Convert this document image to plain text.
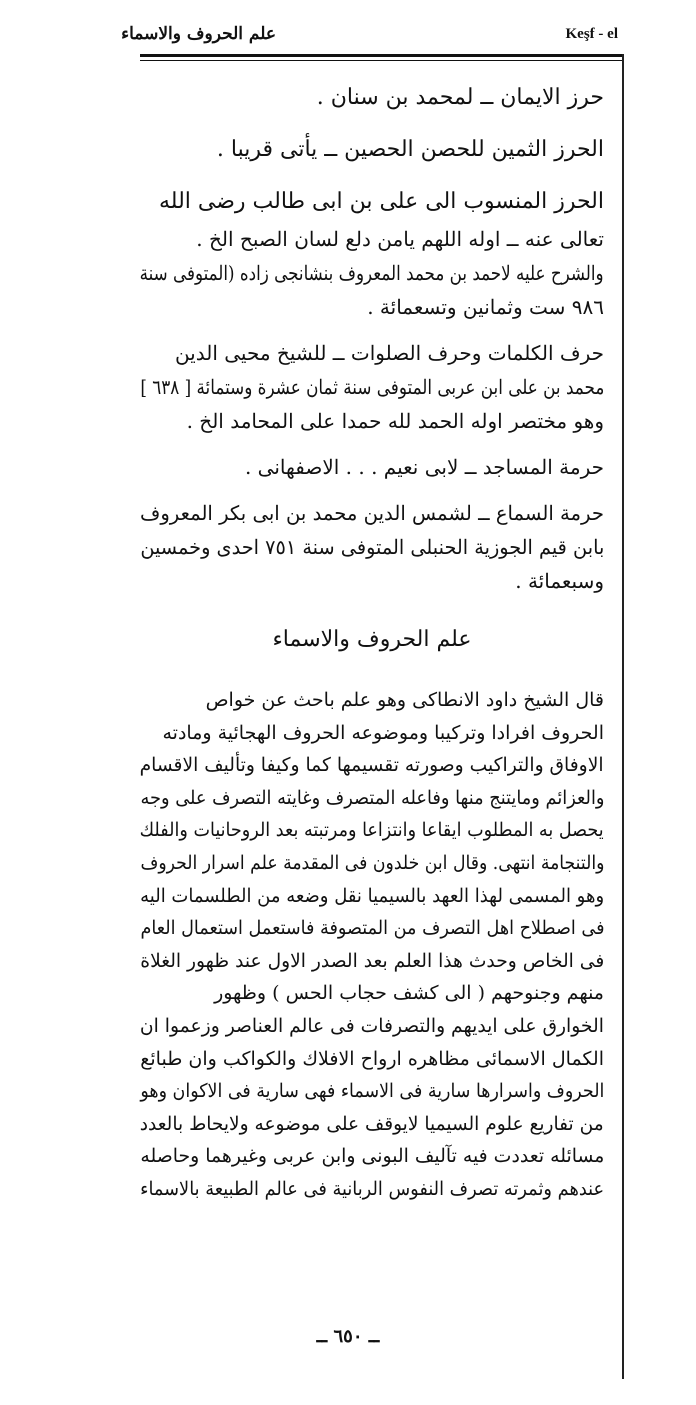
علم الحروف والاسماء	Keşf - el
حرز الايمان ــ لمحمد بن سنان .
الحرز الثمين للحصن الحصين ــ يأتى قريبا .
الحرز المنسوب الى على بن ابى طالب رضى الله
تعالى عنه ــ اوله اللهم يامن دلع لسان الصبح الخ .
والشرح عليه لاحمد بن محمد المعروف بنشانجى زاده (المتوفى سنة
٩٨٦ ست وثمانين وتسعمائة .
حرف الكلمات وحرف الصلوات ــ للشيخ محيى الدين
محمد بن على ابن عربى المتوفى سنة ثمان عشرة وستمائة [ ٦٣٨ ]
وهو مختصر اوله الحمد لله حمدا على المحامد الخ .
حرمة المساجد ــ لابى نعيم . . . الاصفهانى .
حرمة السماع ــ لشمس الدين محمد بن ابى بكر المعروف
بابن قيم الجوزية الحنبلى المتوفى سنة ٧٥١ احدى وخمسين
وسبعمائة .
علم الحروف والاسماء
قال الشيخ داود الانطاكى وهو علم باحث عن خواص
الحروف افرادا وتركيبا وموضوعه الحروف الهجائية ومادته
الاوفاق والتراكيب وصورته تقسيمها كما وكيفا وتأليف الاقسام
والعزائم ومايتنج منها وفاعله المتصرف وغايته التصرف على وجه
يحصل به المطلوب ايقاعا وانتزاعا ومرتبته بعد الروحانيات والفلك
والتنجامة انتهى. وقال ابن خلدون فى المقدمة علم اسرار الحروف
وهو المسمى لهذا العهد بالسيميا نقل وضعه من الطلسمات اليه
فى اصطلاح اهل التصرف من المتصوفة فاستعمل استعمال العام
فى الخاص وحدث هذا العلم بعد الصدر الاول عند ظهور الغلاة
منهم وجنوحهم ( الى كشف حجاب الحس ) وظهور
الخوارق على ايديهم والتصرفات فى عالم العناصر وزعموا ان
الكمال الاسمائى مظاهره ارواح الافلاك والكواكب وان طبائع
الحروف واسرارها سارية فى الاسماء فهى سارية فى الاكوان وهو
من تفاريع علوم السيميا لايوقف على موضوعه ولايحاط بالعدد
مسائله تعددت فيه تآليف البونى وابن عربى وغيرهما وحاصله
عندهم وثمرته تصرف النفوس الربانية فى عالم الطبيعة بالاسماء
ــ ٦٥٠ ــ
